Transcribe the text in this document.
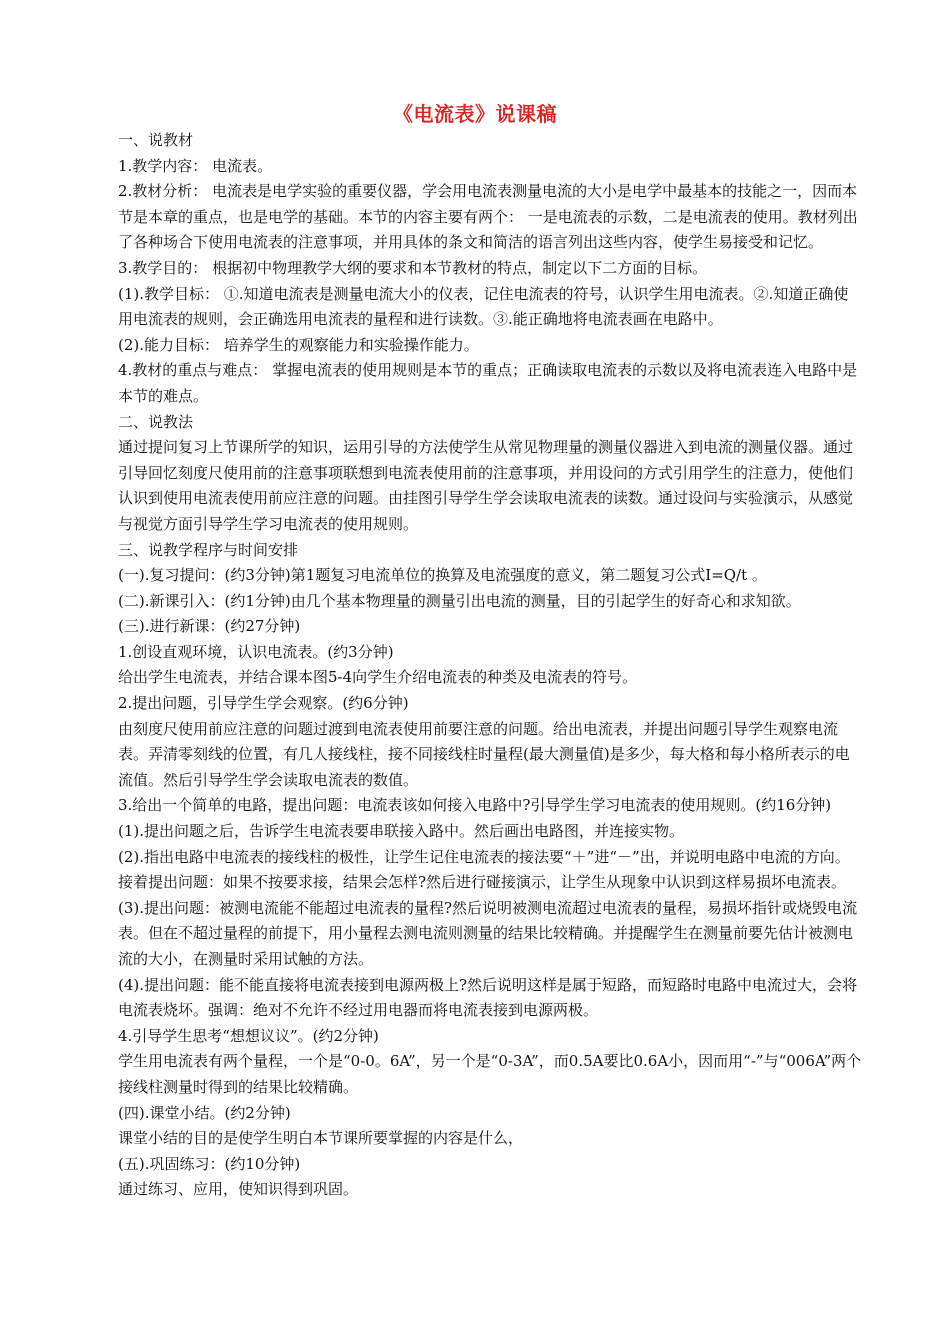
《电流表》说课稿

一、说教材

1.教学内容： 电流表。

2.教材分析： 电流表是电学实验的重要仪器，学会用电流表测量电流的大小是电学中最基本的技能之一，因而本节是本章的重点，也是电学的基础。本节的内容主要有两个： 一是电流表的示数，二是电流表的使用。教材列出了各种场合下使用电流表的注意事项，并用具体的条文和简洁的语言列出这些内容，使学生易接受和记忆。

3.教学目的： 根据初中物理教学大纲的要求和本节教材的特点，制定以下二方面的目标。

(1).教学目标： ①.知道电流表是测量电流大小的仪表，记住电流表的符号，认识学生用电流表。②.知道正确使用电流表的规则，会正确选用电流表的量程和进行读数。③.能正确地将电流表画在电路中。

(2).能力目标： 培养学生的观察能力和实验操作能力。

4.教材的重点与难点： 掌握电流表的使用规则是本节的重点；正确读取电流表的示数以及将电流表连入电路中是本节的难点。

二、说教法

通过提问复习上节课所学的知识，运用引导的方法使学生从常见物理量的测量仪器进入到电流的测量仪器。通过引导回忆刻度尺使用前的注意事项联想到电流表使用前的注意事项，并用设问的方式引用学生的注意力，使他们认识到使用电流表使用前应注意的问题。由挂图引导学生学会读取电流表的读数。通过设问与实验演示，从感觉与视觉方面引导学生学习电流表的使用规则。

三、说教学程序与时间安排

(一).复习提问：(约3分钟)第1题复习电流单位的换算及电流强度的意义，第二题复习公式I=Q/t 。

(二).新课引入：(约1分钟)由几个基本物理量的测量引出电流的测量，目的引起学生的好奇心和求知欲。

(三).进行新课：(约27分钟)

1.创设直观环境，认识电流表。(约3分钟)

给出学生电流表，并结合课本图5-4向学生介绍电流表的种类及电流表的符号。

2.提出问题，引导学生学会观察。(约6分钟)

由刻度尺使用前应注意的问题过渡到电流表使用前要注意的问题。给出电流表，并提出问题引导学生观察电流表。弄清零刻线的位置，有几人接线柱，接不同接线柱时量程(最大测量值)是多少，每大格和每小格所表示的电流值。然后引导学生学会读取电流表的数值。

3.给出一个简单的电路，提出问题：电流表该如何接入电路中?引导学生学习电流表的使用规则。(约16分钟)

(1).提出问题之后，告诉学生电流表要串联接入路中。然后画出电路图，并连接实物。

(2).指出电路中电流表的接线柱的极性，让学生记住电流表的接法要“＋”进“－”出，并说明电路中电流的方向。接着提出问题：如果不按要求接，结果会怎样?然后进行碰接演示，让学生从现象中认识到这样易损坏电流表。

(3).提出问题：被测电流能不能超过电流表的量程?然后说明被测电流超过电流表的量程，易损坏指针或烧毁电流表。但在不超过量程的前提下，用小量程去测电流则测量的结果比较精确。并提醒学生在测量前要先估计被测电流的大小，在测量时采用试触的方法。

(4).提出问题：能不能直接将电流表接到电源两极上?然后说明这样是属于短路，而短路时电路中电流过大，会将电流表烧坏。强调：绝对不允许不经过用电器而将电流表接到电源两极。

4.引导学生思考“想想议议”。(约2分钟)

学生用电流表有两个量程，一个是“0-0。6A”，另一个是“0-3A”，而0.5A要比0.6A小，因而用“-”与“006A”两个接线柱测量时得到的结果比较精确。

(四).课堂小结。(约2分钟)

课堂小结的目的是使学生明白本节课所要掌握的内容是什么，

(五).巩固练习：(约10分钟)

通过练习、应用，使知识得到巩固。
